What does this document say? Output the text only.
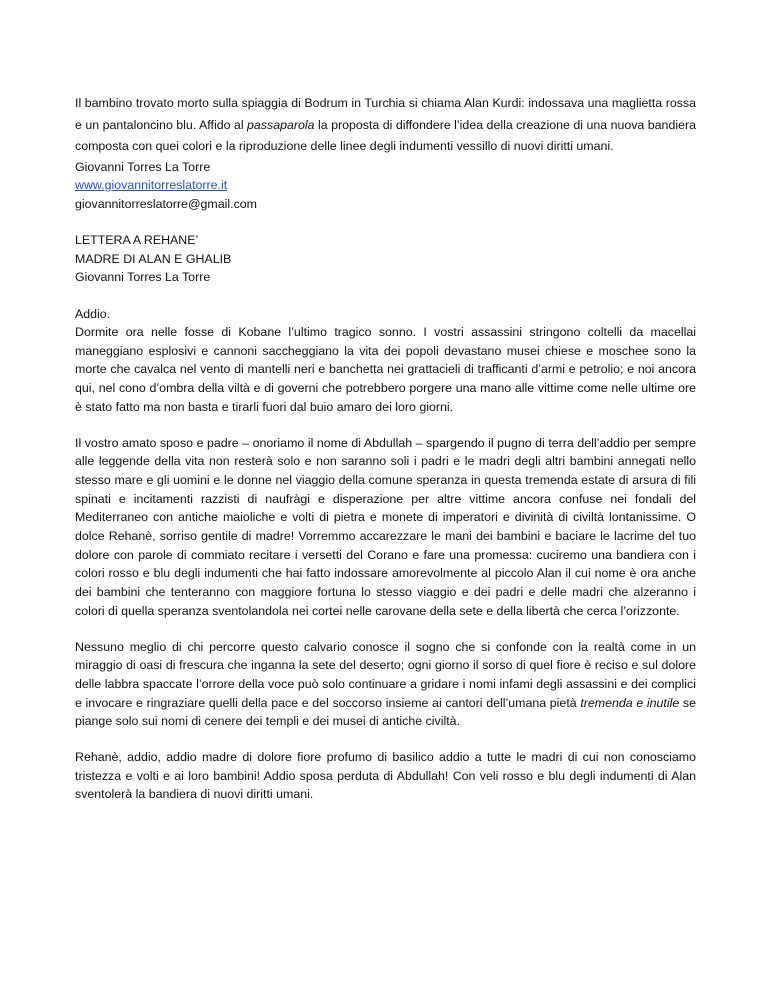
Il bambino trovato morto sulla spiaggia di Bodrum in Turchia si chiama Alan Kurdi: indossava una maglietta rossa e un pantaloncino blu. Affido al passaparola la proposta di diffondere l’idea della creazione di una nuova bandiera composta con quei colori e la riproduzione delle linee degli indumenti vessillo di nuovi diritti umani.

Giovanni Torres La Torre

www.giovannitorreslatorre.it

giovannitorreslatorre@gmail.com

LETTERA A REHANE’

MADRE DI ALAN E GHALIB

Giovanni Torres La Torre

Addio.

Dormite ora nelle fosse di Kobane l’ultimo tragico sonno. I vostri assassini stringono coltelli da macellai maneggiano esplosivi e cannoni saccheggiano la vita dei popoli devastano musei chiese e moschee sono la morte che cavalca nel vento di mantelli neri e banchetta nei grattacieli di trafficanti d’armi e petrolio; e noi ancora qui, nel cono d’ombra della viltà e di governi che potrebbero porgere una mano alle vittime come nelle ultime ore è stato fatto ma non basta e tirarli fuori dal buio amaro dei loro giorni.

Il vostro amato sposo e padre – onoriamo il nome di Abdullah – spargendo il pugno di terra dell’addio per sempre alle leggende della vita non resterà solo e non saranno soli i padri e le madri degli altri bambini annegati nello stesso mare e gli uomini e le donne nel viaggio della comune speranza in questa tremenda estate di arsura di fili spinati e incitamenti razzisti di naufràgi e disperazione per altre vittime ancora confuse nei fondali del Mediterraneo con antiche maioliche e volti di pietra e monete di imperatori e divinità di civiltà lontanissime. O dolce Rehanè, sorriso gentile di madre! Vorremmo accarezzare le mani dei bambini e baciare le lacrime del tuo dolore con parole di commiato recitare i versetti del Corano e fare una promessa: cuciremo una bandiera con i colori rosso e blu degli indumenti che hai fatto indossare amorevolmente al piccolo Alan il cui nome è ora anche dei bambini che tenteranno con maggiore fortuna lo stesso viaggio e dei padri e delle madri che alzeranno i colori di quella speranza sventolandola nei cortei nelle carovane della sete e della libertà che cerca l’orizzonte.

Nessuno meglio di chi percorre questo calvario conosce il sogno che si confonde con la realtà come in un miraggio di oasi di frescura che inganna la sete del deserto; ogni giorno il sorso di quel fiore è reciso e sul dolore delle labbra spaccate l’orrore della voce può solo continuare a gridare i nomi infami degli assassini e dei complici e invocare e ringraziare quelli della pace e del soccorso insieme ai cantori dell’umana pietà tremenda e inutile se piange solo sui nomi di cenere dei templi e dei musei di antiche civiltà.

Rehanè, addio, addio madre di dolore fiore profumo di basilico addio a tutte le madri di cui non conosciamo tristezza e volti e ai loro bambini! Addio sposa perduta di Abdullah! Con veli rosso e blu degli indumenti di Alan sventolerà la bandiera di nuovi diritti umani.
